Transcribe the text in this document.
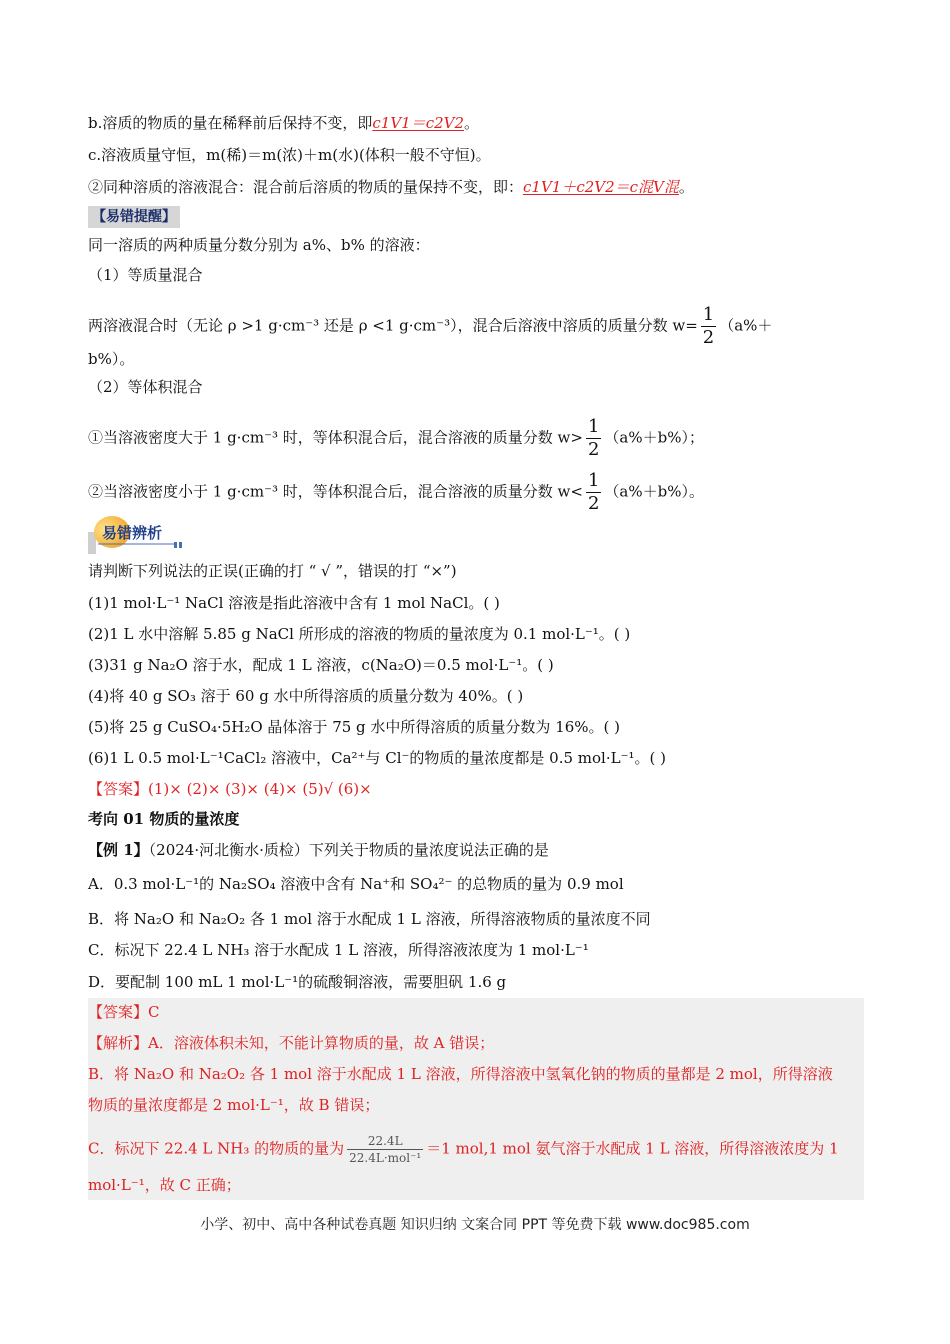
b.溶质的物质的量在稀释前后保持不变，即c1V1＝c2V2。
c.溶液质量守恒，m(稀)＝m(浓)＋m(水)(体积一般不守恒)。
②同种溶质的溶液混合：混合前后溶质的物质的量保持不变，即：c1V1＋c2V2＝c混V混。
【易错提醒】
同一溶质的两种质量分数分别为 a%、b% 的溶液：
（1）等质量混合
两溶液混合时（无论 ρ >1 g·cm⁻³ 还是 ρ <1 g·cm⁻³），混合后溶液中溶质的质量分数 $w= \frac{1}{2} (a\%+$
b%）。
（2）等体积混合
①当溶液密度大于 1 g·cm⁻³ 时，等体积混合后，混合溶液的质量分数 $w> \frac{1}{2} (a\%+b\%)$；
②当溶液密度小于 1 g·cm⁻³ 时，等体积混合后，混合溶液的质量分数 $w< \frac{1}{2} (a\%+b\%)$。
易错辨析
请判断下列说法的正误(正确的打 “ √ ”，错误的打 “×”)
(1)1 mol·L⁻¹ NaCl 溶液是指此溶液中含有 1 mol NaCl。( )
(2)1 L 水中溶解 5.85 g NaCl 所形成的溶液的物质的量浓度为 0.1 mol·L⁻¹。( )
(3)31 g Na₂O 溶于水，配成 1 L 溶液，c(Na₂O)＝0.5 mol·L⁻¹。( )
(4)将 40 g SO₃ 溶于 60 g 水中所得溶质的质量分数为 40%。( )
(5)将 25 g CuSO₄·5H₂O 晶体溶于 75 g 水中所得溶质的质量分数为 16%。( )
(6)1 L 0.5 mol·L⁻¹CaCl₂ 溶液中，Ca²⁺与 Cl⁻的物质的量浓度都是 0.5 mol·L⁻¹。( )
【答案】(1)× (2)× (3)× (4)× (5)√ (6)×
考向 01 物质的量浓度
【例 1】（2024·河北衡水·质检）下列关于物质的量浓度说法正确的是
A．0.3 mol·L⁻¹的 Na₂SO₄ 溶液中含有 Na⁺和 SO₄²⁻ 的总物质的量为 0.9 mol
B．将 Na₂O 和 Na₂O₂ 各 1 mol 溶于水配成 1 L 溶液，所得溶液物质的量浓度不同
C．标况下 22.4 L NH₃ 溶于水配成 1 L 溶液，所得溶液浓度为 1 mol·L⁻¹
D．要配制 100 mL 1 mol·L⁻¹的硫酸铜溶液，需要胆矾 1.6 g
【答案】C
【解析】A．溶液体积未知，不能计算物质的量，故 A 错误；
B．将 Na₂O 和 Na₂O₂ 各 1 mol 溶于水配成 1 L 溶液，所得溶液中氢氧化钠的物质的量都是 2 mol，所得溶液
物质的量浓度都是 2 mol·L⁻¹，故 B 错误；
C．标况下 22.4 L NH₃ 的物质的量为 $\frac{22.4L}{\text{22.4L·mol⁻¹}} =1$ mol,1 mol 氨气溶于水配成 1 L 溶液，所得溶液浓度为 1
mol·L⁻¹，故 C 正确；
小学、初中、高中各种试卷真题 知识归纳 文案合同 PPT 等免费下载 www.doc985.com
